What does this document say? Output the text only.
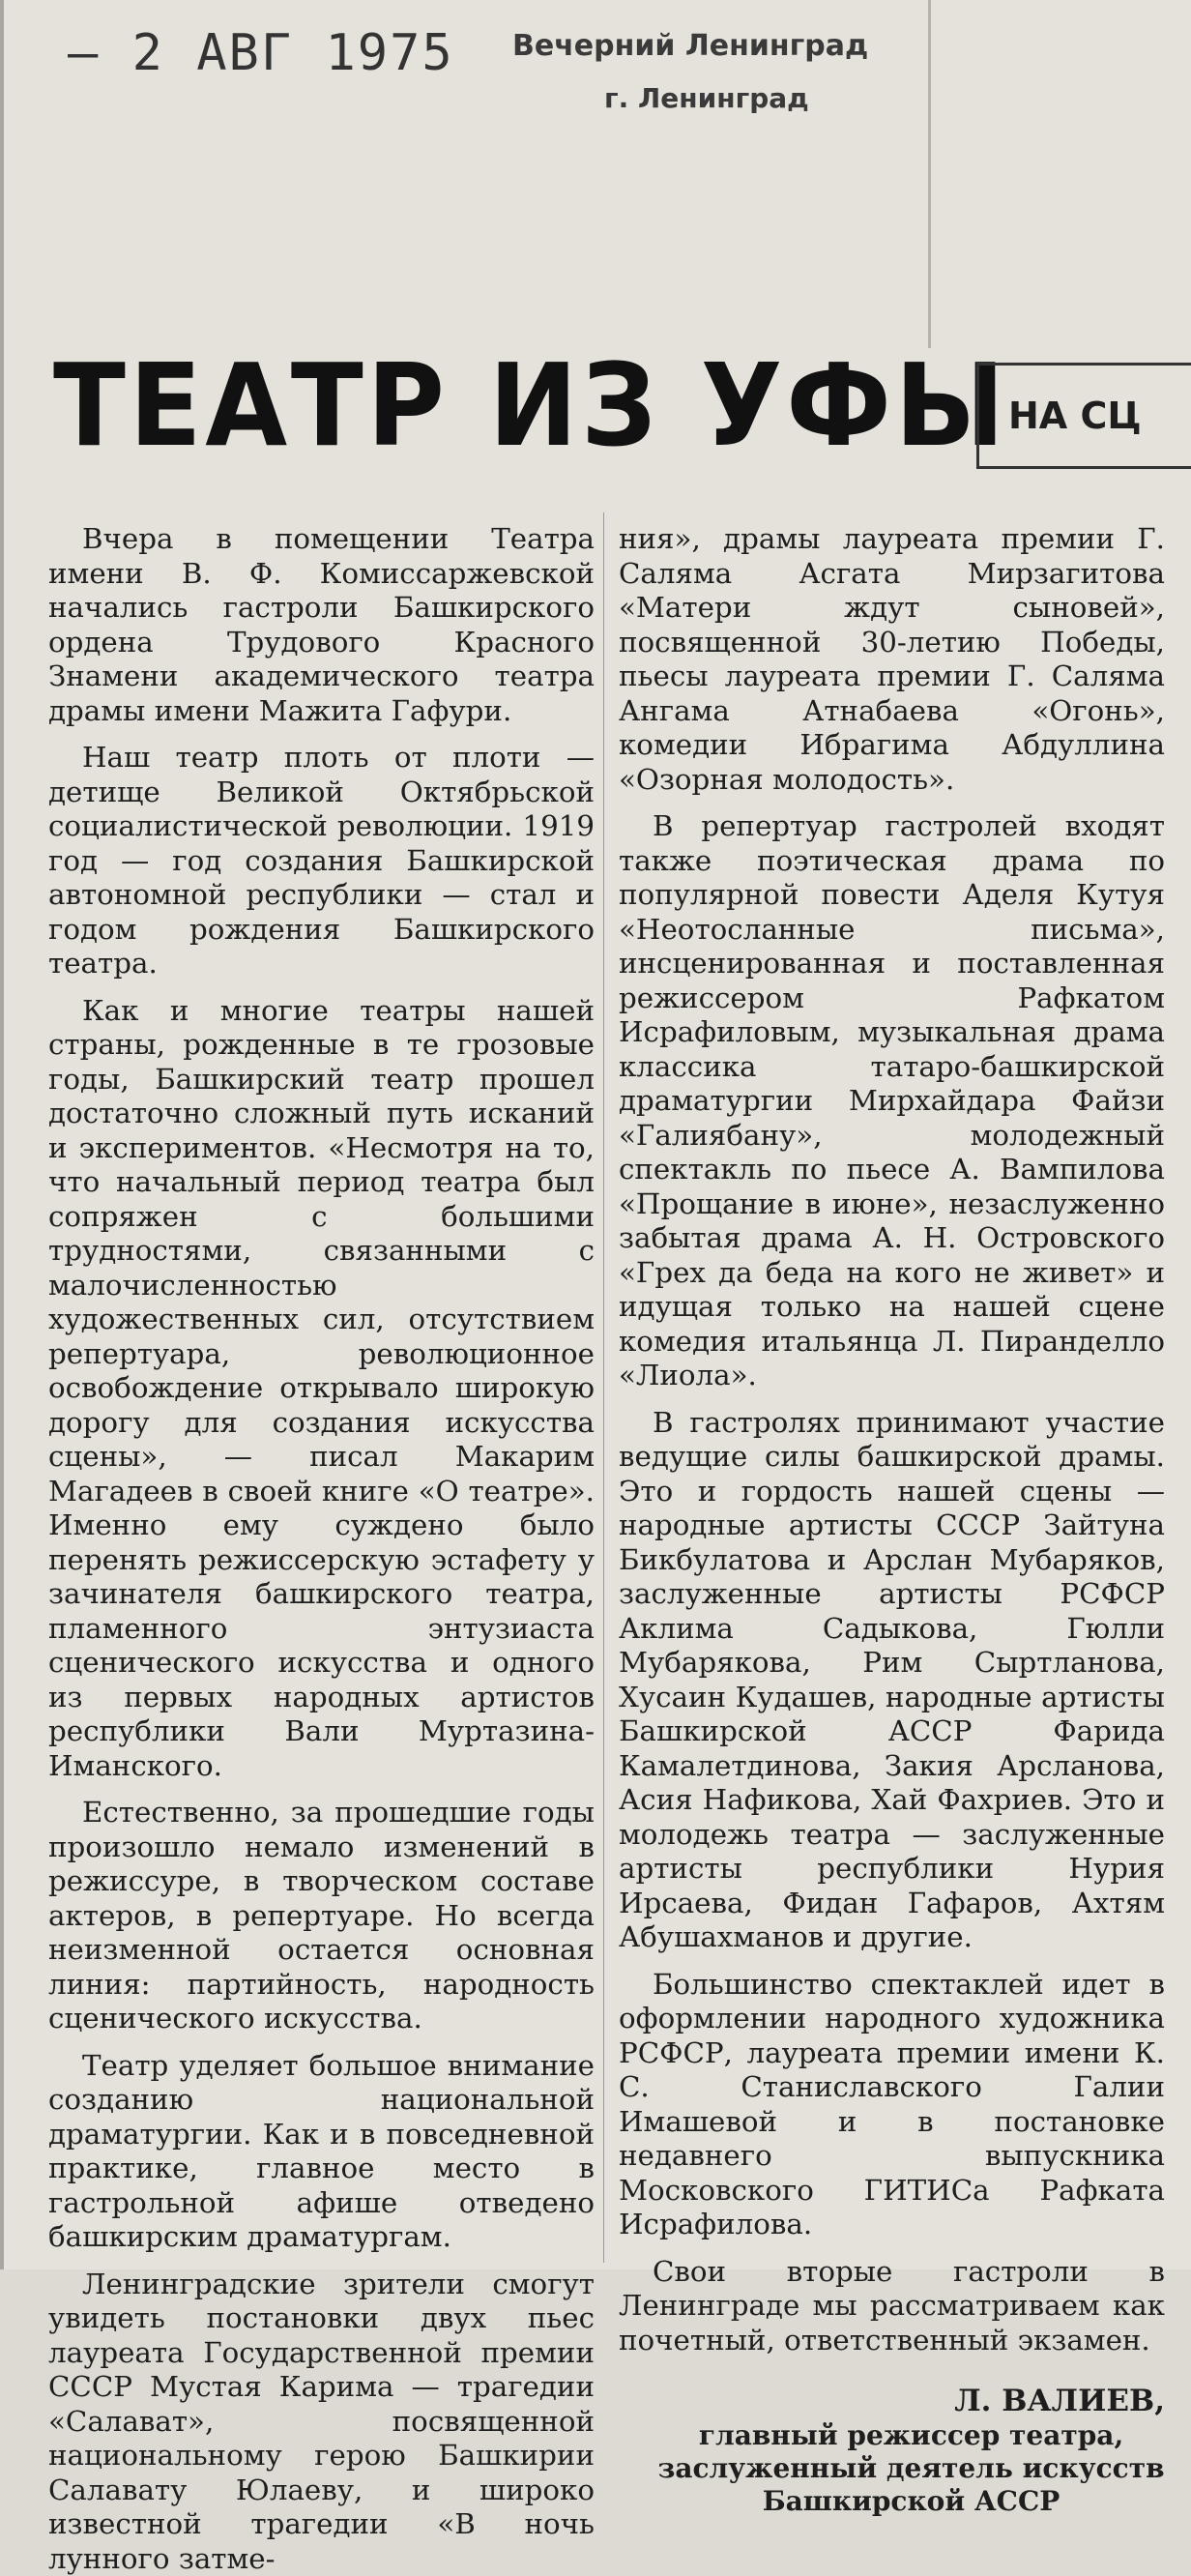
– 2 АВГ 1975 Вечерний Ленинград
г. Ленинград
ТЕАТР ИЗ УФЫ НА СЦ

Вчера в помещении Театра имени В. Ф. Комиссаржевской начались гастроли Башкирского ордена Трудового Красного Знамени академического театра драмы имени Мажита Гафури.

Наш театр плоть от плоти — детище Великой Октябрьской социалистической революции. 1919 год — год создания Башкирской автономной республики — стал и годом рождения Башкирского театра.

Как и многие театры нашей страны, рожденные в те грозовые годы, Башкирский театр прошел достаточно сложный путь исканий и экспериментов. «Несмотря на то, что начальный период театра был сопряжен с большими трудностями, связанными с малочисленностью художественных сил, отсутствием репертуара, революционное освобождение открывало широкую дорогу для создания искусства сцены», — писал Макарим Магадеев в своей книге «О театре». Именно ему суждено было перенять режиссерскую эстафету у зачинателя башкирского театра, пламенного энтузиаста сценического искусства и одного из первых народных артистов республики Вали Муртазина-Иманского.

Естественно, за прошедшие годы произошло немало изменений в режиссуре, в творческом составе актеров, в репертуаре. Но всегда неизменной остается основная линия: партийность, народность сценического искусства.

Театр уделяет большое внимание созданию национальной драматургии. Как и в повседневной практике, главное место в гастрольной афише отведено башкирским драматургам.

Ленинградские зрители смогут увидеть постановки двух пьес лауреата Государственной премии СССР Мустая Карима — трагедии «Салават», посвященной национальному герою Башкирии Салавату Юлаеву, и широко известной трагедии «В ночь лунного затме-

ния», драмы лауреата премии Г. Саляма Асгата Мирзагитова «Матери ждут сыновей», посвященной 30-летию Победы, пьесы лауреата премии Г. Саляма Ангама Атнабаева «Огонь», комедии Ибрагима Абдуллина «Озорная молодость».

В репертуар гастролей входят также поэтическая драма по популярной повести Аделя Кутуя «Неотосланные письма», инсценированная и поставленная режиссером Рафкатом Исрафиловым, музыкальная драма классика татаро-башкирской драматургии Мирхайдара Файзи «Галиябану», молодежный спектакль по пьесе А. Вампилова «Прощание в июне», незаслуженно забытая драма А. Н. Островского «Грех да беда на кого не живет» и идущая только на нашей сцене комедия итальянца Л. Пиранделло «Лиола».

В гастролях принимают участие ведущие силы башкирской драмы. Это и гордость нашей сцены — народные артисты СССР Зайтуна Бикбулатова и Арслан Мубаряков, заслуженные артисты РСФСР Аклима Садыкова, Гюлли Мубарякова, Рим Сыртланова, Хусаин Кудашев, народные артисты Башкирской АССР Фарида Камалетдинова, Закия Арсланова, Асия Нафикова, Хай Фахриев. Это и молодежь театра — заслуженные артисты республики Нурия Ирсаева, Фидан Гафаров, Ахтям Абушахманов и другие.

Большинство спектаклей идет в оформлении народного художника РСФСР, лауреата премии имени К. С. Станиславского Галии Имашевой и в постановке недавнего выпускника Московского ГИТИСа Рафката Исрафилова.

Свои вторые гастроли в Ленинграде мы рассматриваем как почетный, ответственный экзамен.

Л. ВАЛИЕВ,
главный режиссер театра, заслуженный деятель искусств Башкирской АССР
